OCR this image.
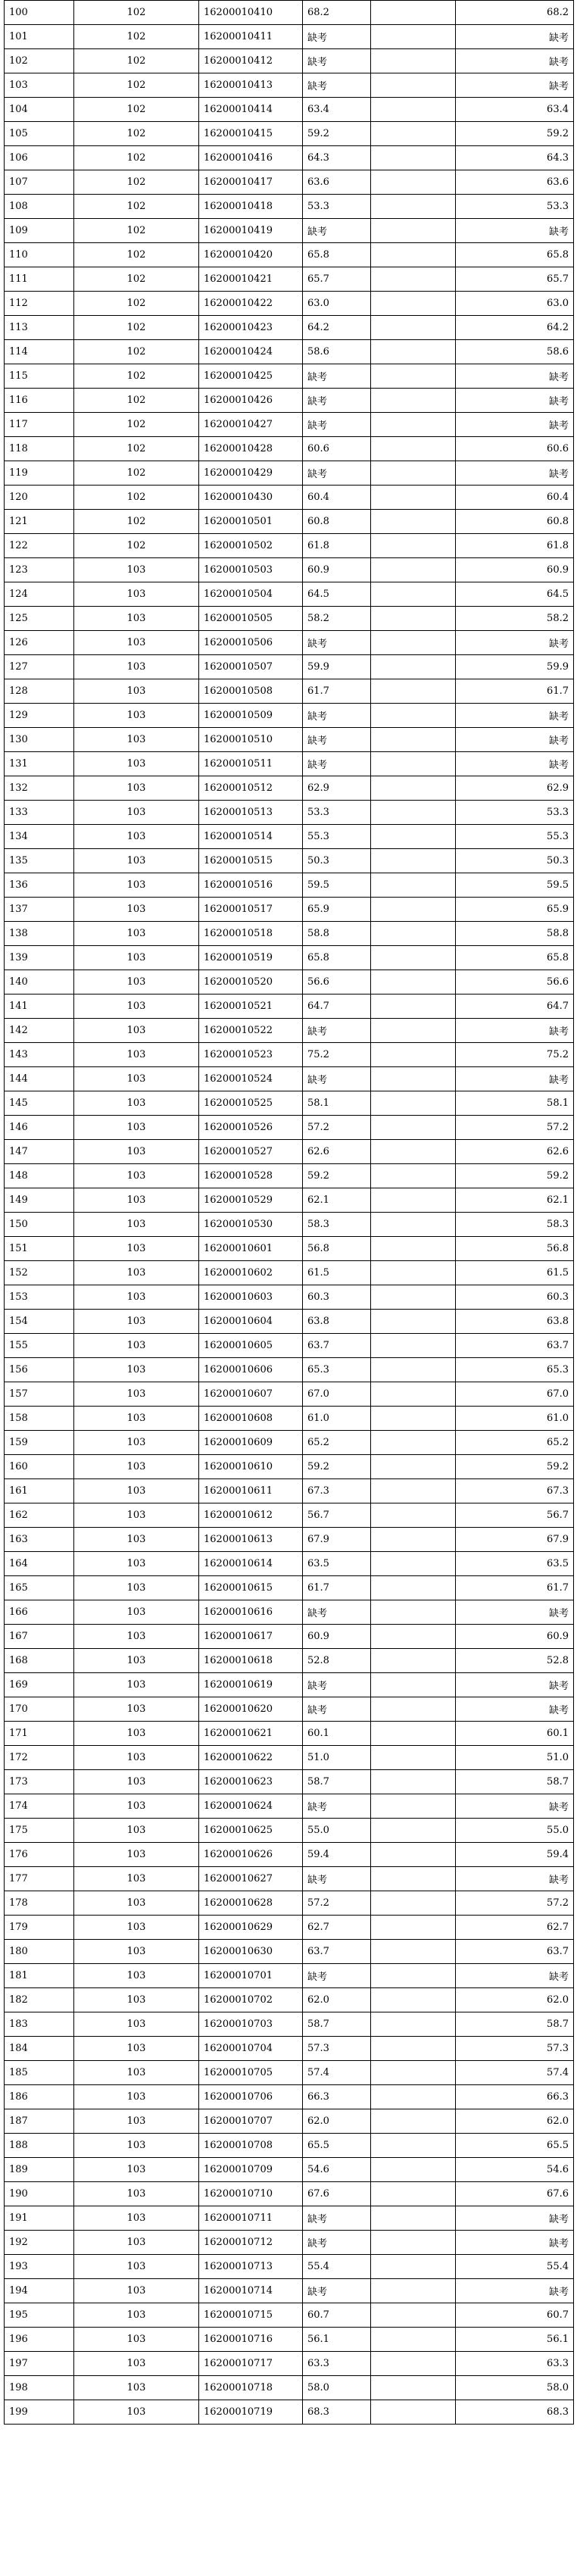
100	102	16200010410	68.2		68.2
101	102	16200010411	缺考		缺考
102	102	16200010412	缺考		缺考
103	102	16200010413	缺考		缺考
104	102	16200010414	63.4		63.4
105	102	16200010415	59.2		59.2
106	102	16200010416	64.3		64.3
107	102	16200010417	63.6		63.6
108	102	16200010418	53.3		53.3
109	102	16200010419	缺考		缺考
110	102	16200010420	65.8		65.8
111	102	16200010421	65.7		65.7
112	102	16200010422	63.0		63.0
113	102	16200010423	64.2		64.2
114	102	16200010424	58.6		58.6
115	102	16200010425	缺考		缺考
116	102	16200010426	缺考		缺考
117	102	16200010427	缺考		缺考
118	102	16200010428	60.6		60.6
119	102	16200010429	缺考		缺考
120	102	16200010430	60.4		60.4
121	102	16200010501	60.8		60.8
122	102	16200010502	61.8		61.8
123	103	16200010503	60.9		60.9
124	103	16200010504	64.5		64.5
125	103	16200010505	58.2		58.2
126	103	16200010506	缺考		缺考
127	103	16200010507	59.9		59.9
128	103	16200010508	61.7		61.7
129	103	16200010509	缺考		缺考
130	103	16200010510	缺考		缺考
131	103	16200010511	缺考		缺考
132	103	16200010512	62.9		62.9
133	103	16200010513	53.3		53.3
134	103	16200010514	55.3		55.3
135	103	16200010515	50.3		50.3
136	103	16200010516	59.5		59.5
137	103	16200010517	65.9		65.9
138	103	16200010518	58.8		58.8
139	103	16200010519	65.8		65.8
140	103	16200010520	56.6		56.6
141	103	16200010521	64.7		64.7
142	103	16200010522	缺考		缺考
143	103	16200010523	75.2		75.2
144	103	16200010524	缺考		缺考
145	103	16200010525	58.1		58.1
146	103	16200010526	57.2		57.2
147	103	16200010527	62.6		62.6
148	103	16200010528	59.2		59.2
149	103	16200010529	62.1		62.1
150	103	16200010530	58.3		58.3
151	103	16200010601	56.8		56.8
152	103	16200010602	61.5		61.5
153	103	16200010603	60.3		60.3
154	103	16200010604	63.8		63.8
155	103	16200010605	63.7		63.7
156	103	16200010606	65.3		65.3
157	103	16200010607	67.0		67.0
158	103	16200010608	61.0		61.0
159	103	16200010609	65.2		65.2
160	103	16200010610	59.2		59.2
161	103	16200010611	67.3		67.3
162	103	16200010612	56.7		56.7
163	103	16200010613	67.9		67.9
164	103	16200010614	63.5		63.5
165	103	16200010615	61.7		61.7
166	103	16200010616	缺考		缺考
167	103	16200010617	60.9		60.9
168	103	16200010618	52.8		52.8
169	103	16200010619	缺考		缺考
170	103	16200010620	缺考		缺考
171	103	16200010621	60.1		60.1
172	103	16200010622	51.0		51.0
173	103	16200010623	58.7		58.7
174	103	16200010624	缺考		缺考
175	103	16200010625	55.0		55.0
176	103	16200010626	59.4		59.4
177	103	16200010627	缺考		缺考
178	103	16200010628	57.2		57.2
179	103	16200010629	62.7		62.7
180	103	16200010630	63.7		63.7
181	103	16200010701	缺考		缺考
182	103	16200010702	62.0		62.0
183	103	16200010703	58.7		58.7
184	103	16200010704	57.3		57.3
185	103	16200010705	57.4		57.4
186	103	16200010706	66.3		66.3
187	103	16200010707	62.0		62.0
188	103	16200010708	65.5		65.5
189	103	16200010709	54.6		54.6
190	103	16200010710	67.6		67.6
191	103	16200010711	缺考		缺考
192	103	16200010712	缺考		缺考
193	103	16200010713	55.4		55.4
194	103	16200010714	缺考		缺考
195	103	16200010715	60.7		60.7
196	103	16200010716	56.1		56.1
197	103	16200010717	63.3		63.3
198	103	16200010718	58.0		58.0
199	103	16200010719	68.3		68.3
